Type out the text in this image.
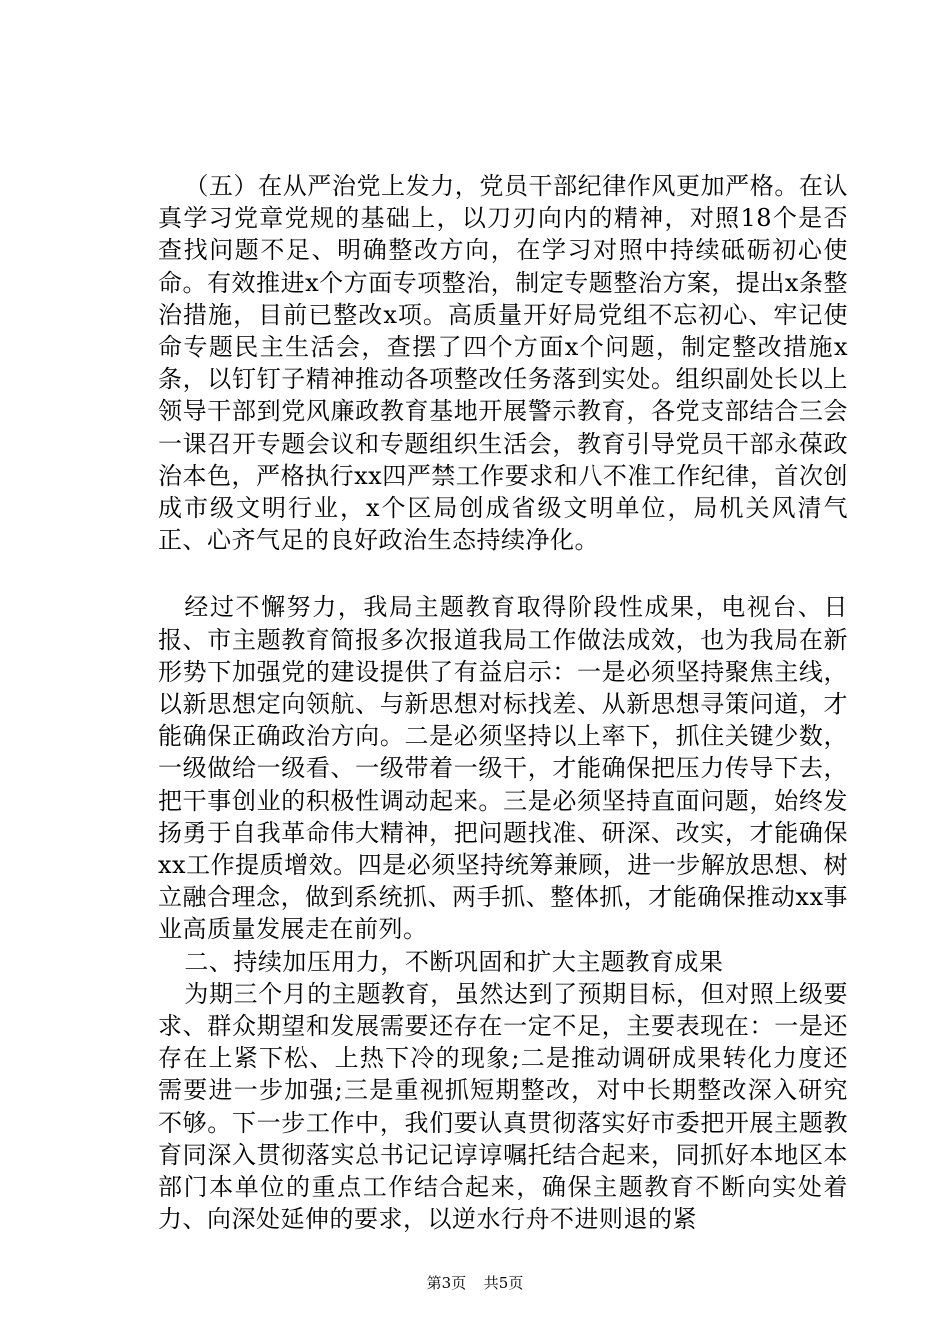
（五）在从严治党上发力，党员干部纪律作风更加严格。在认真学习党章党规的基础上，以刀刃向内的精神，对照18个是否查找问题不足、明确整改方向，在学习对照中持续砥砺初心使命。有效推进x个方面专项整治，制定专题整治方案，提出x条整治措施，目前已整改x项。高质量开好局党组不忘初心、牢记使命专题民主生活会，查摆了四个方面x个问题，制定整改措施x条，以钉钉子精神推动各项整改任务落到实处。组织副处长以上领导干部到党风廉政教育基地开展警示教育，各党支部结合三会一课召开专题会议和专题组织生活会，教育引导党员干部永葆政治本色，严格执行xx四严禁工作要求和八不准工作纪律，首次创成市级文明行业，x个区局创成省级文明单位，局机关风清气正、心齐气足的良好政治生态持续净化。

经过不懈努力，我局主题教育取得阶段性成果，电视台、日报、市主题教育简报多次报道我局工作做法成效，也为我局在新形势下加强党的建设提供了有益启示：一是必须坚持聚焦主线，以新思想定向领航、与新思想对标找差、从新思想寻策问道，才能确保正确政治方向。二是必须坚持以上率下，抓住关键少数，一级做给一级看、一级带着一级干，才能确保把压力传导下去，把干事创业的积极性调动起来。三是必须坚持直面问题，始终发扬勇于自我革命伟大精神，把问题找准、研深、改实，才能确保xx工作提质增效。四是必须坚持统筹兼顾，进一步解放思想、树立融合理念，做到系统抓、两手抓、整体抓，才能确保推动xx事业高质量发展走在前列。

二、持续加压用力，不断巩固和扩大主题教育成果

为期三个月的主题教育，虽然达到了预期目标，但对照上级要求、群众期望和发展需要还存在一定不足，主要表现在：一是还存在上紧下松、上热下冷的现象;二是推动调研成果转化力度还需要进一步加强;三是重视抓短期整改，对中长期整改深入研究不够。下一步工作中，我们要认真贯彻落实好市委把开展主题教育同深入贯彻落实总书记记谆谆嘱托结合起来，同抓好本地区本部门本单位的重点工作结合起来，确保主题教育不断向实处着力、向深处延伸的要求，以逆水行舟不进则退的紧

第3页 共5页
